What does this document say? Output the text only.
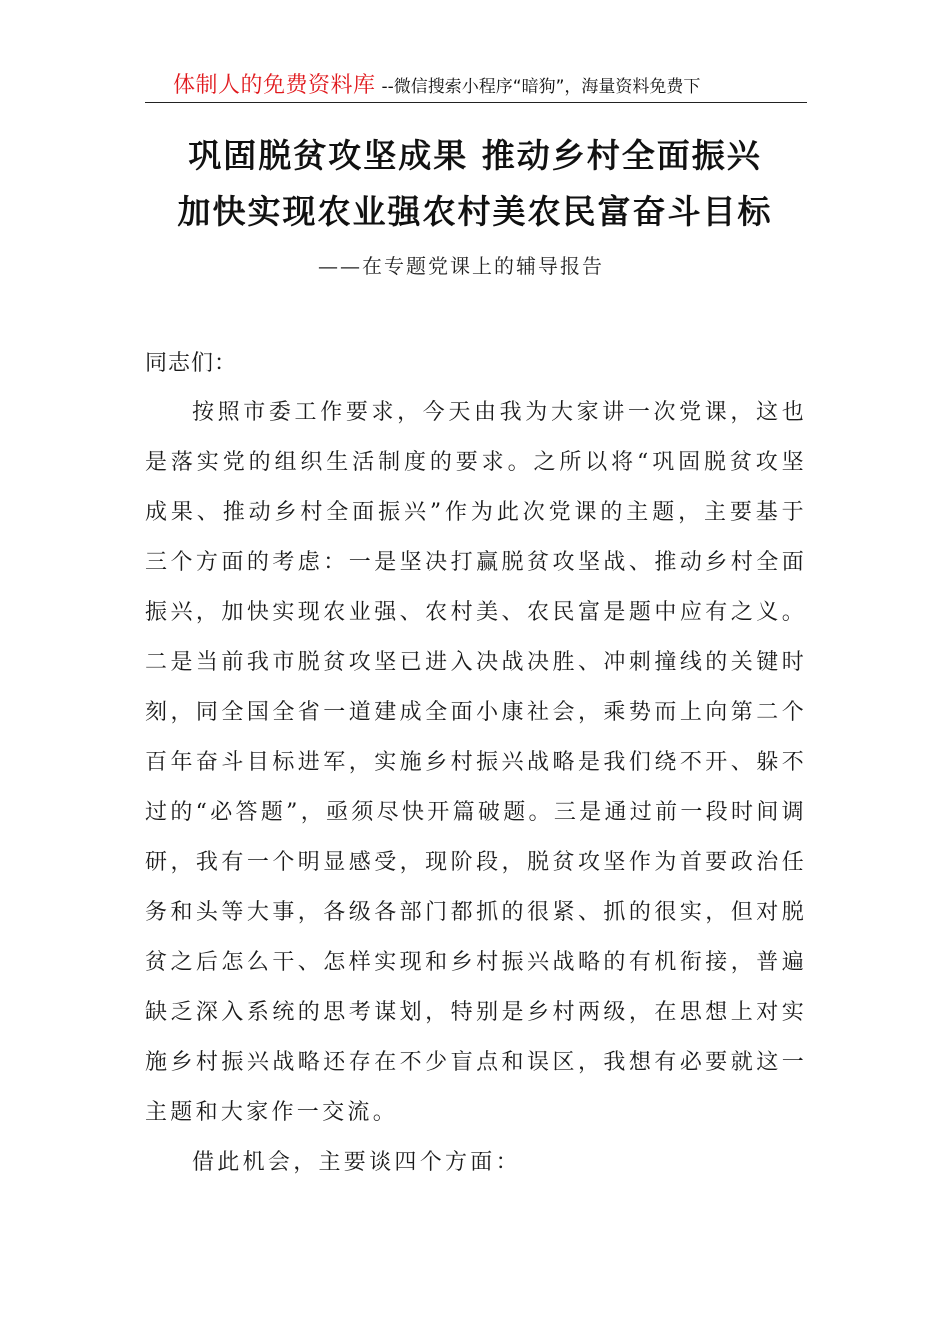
体制人的免费资料库 --微信搜索小程序“暗狗”，海量资料免费下
巩固脱贫攻坚成果 推动乡村全面振兴
加快实现农业强农村美农民富奋斗目标
——在专题党课上的辅导报告
同志们：
按照市委工作要求，今天由我为大家讲一次党课，这也是落实党的组织生活制度的要求。之所以将“巩固脱贫攻坚成果、推动乡村全面振兴”作为此次党课的主题，主要基于三个方面的考虑：一是坚决打赢脱贫攻坚战、推动乡村全面振兴，加快实现农业强、农村美、农民富是题中应有之义。二是当前我市脱贫攻坚已进入决战决胜、冲刺撞线的关键时刻，同全国全省一道建成全面小康社会，乘势而上向第二个百年奋斗目标进军，实施乡村振兴战略是我们绕不开、躲不过的“必答题”，亟须尽快开篇破题。三是通过前一段时间调研，我有一个明显感受，现阶段，脱贫攻坚作为首要政治任务和头等大事，各级各部门都抓的很紧、抓的很实，但对脱贫之后怎么干、怎样实现和乡村振兴战略的有机衔接，普遍缺乏深入系统的思考谋划，特别是乡村两级，在思想上对实施乡村振兴战略还存在不少盲点和误区，我想有必要就这一主题和大家作一交流。
借此机会，主要谈四个方面：
